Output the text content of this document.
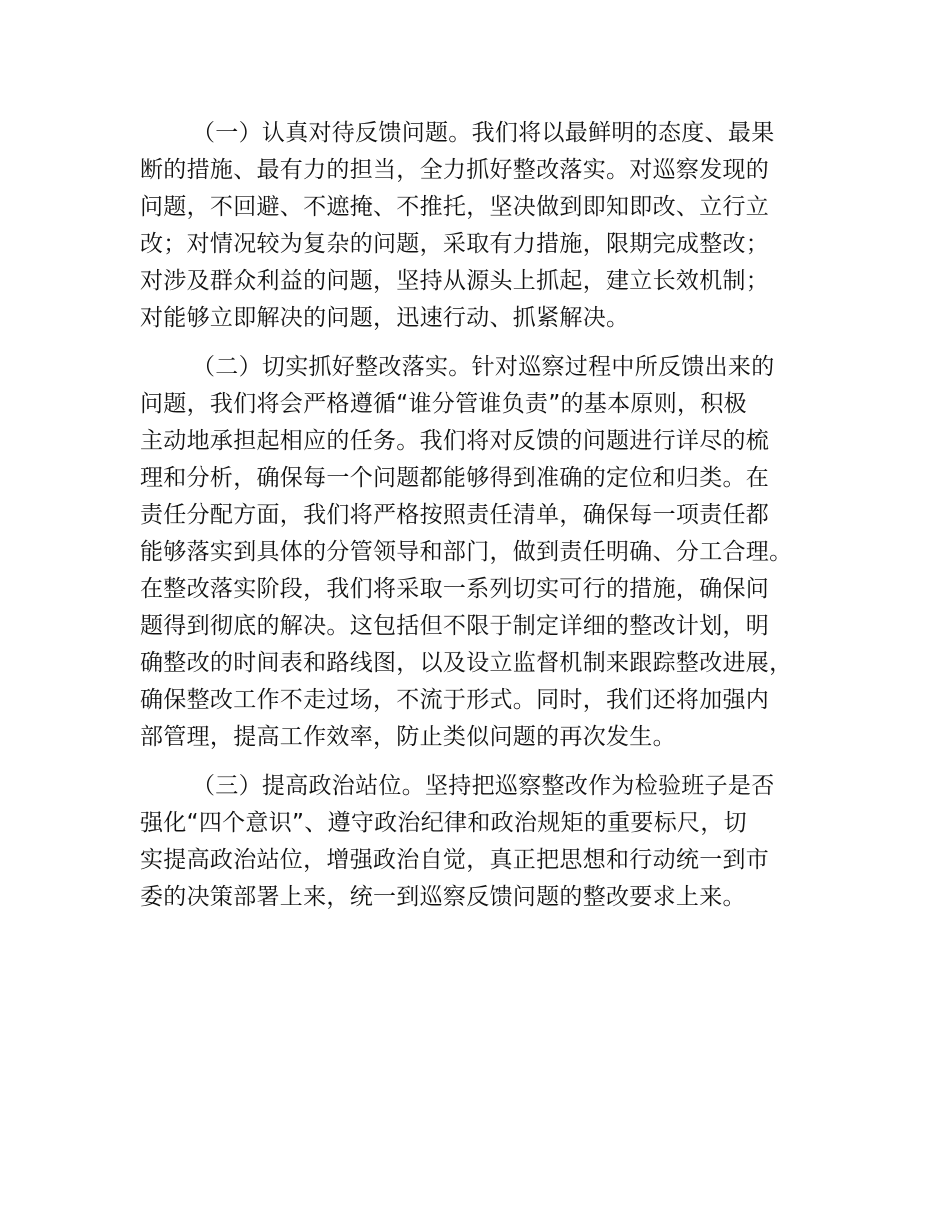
（一）认真对待反馈问题。我们将以最鲜明的态度、最果
断的措施、最有力的担当，全力抓好整改落实。对巡察发现的
问题，不回避、不遮掩、不推托，坚决做到即知即改、立行立
改；对情况较为复杂的问题，采取有力措施，限期完成整改；
对涉及群众利益的问题，坚持从源头上抓起，建立长效机制；
对能够立即解决的问题，迅速行动、抓紧解决。
（二）切实抓好整改落实。针对巡察过程中所反馈出来的
问题，我们将会严格遵循“谁分管谁负责”的基本原则，积极
主动地承担起相应的任务。我们将对反馈的问题进行详尽的梳
理和分析，确保每一个问题都能够得到准确的定位和归类。在
责任分配方面，我们将严格按照责任清单，确保每一项责任都
能够落实到具体的分管领导和部门，做到责任明确、分工合理。
在整改落实阶段，我们将采取一系列切实可行的措施，确保问
题得到彻底的解决。这包括但不限于制定详细的整改计划，明
确整改的时间表和路线图，以及设立监督机制来跟踪整改进展，
确保整改工作不走过场，不流于形式。同时，我们还将加强内
部管理，提高工作效率，防止类似问题的再次发生。
（三）提高政治站位。坚持把巡察整改作为检验班子是否
强化“四个意识”、遵守政治纪律和政治规矩的重要标尺，切
实提高政治站位，增强政治自觉，真正把思想和行动统一到市
委的决策部署上来，统一到巡察反馈问题的整改要求上来。
